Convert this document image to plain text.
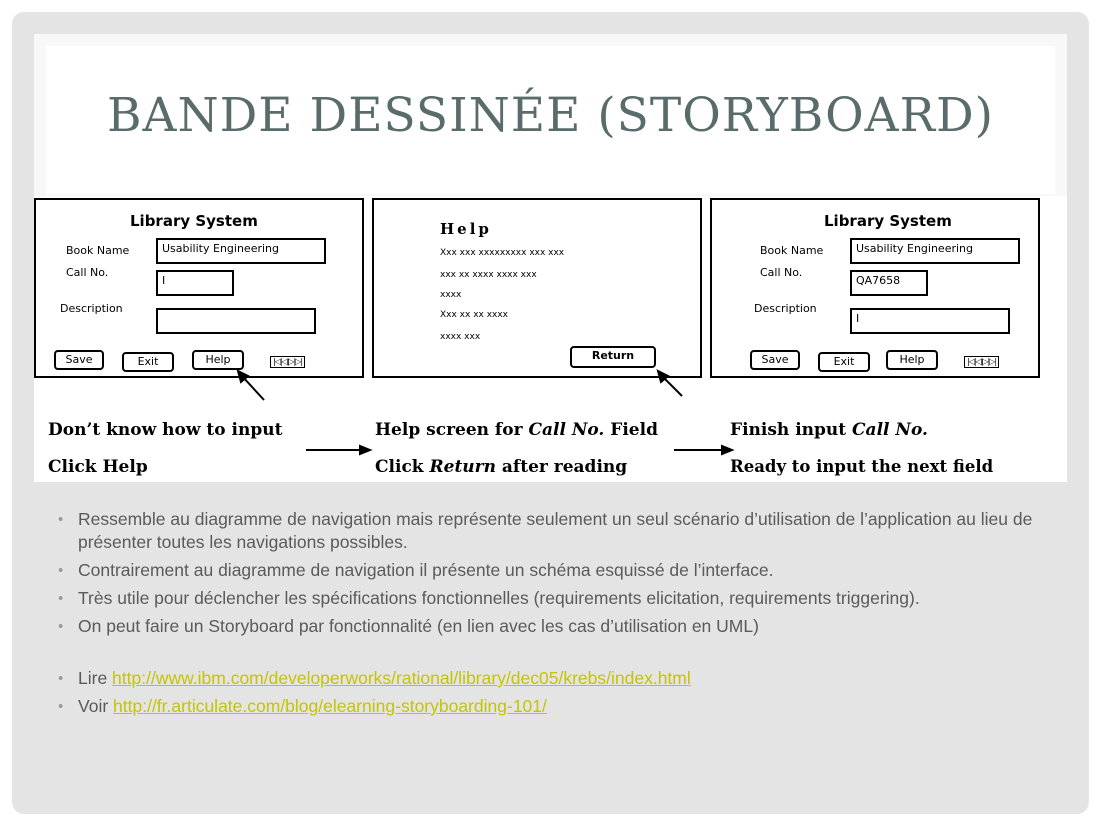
BANDE DESSINÉE (STORYBOARD)
Library System
Book Name	Usability Engineering
Call No.
I
Description
Save	Exit	Help	|◁|◁|▷|▷|
Help
Xxx xxx xxxxxxxxx xxx xxx
xxx xx xxxx xxxx xxx
xxxx
Xxx xx xx xxxx
xxxx xxx
Return
Library System
Book Name	Usability Engineering
Call No.
QA7658
Description
I
Save	Exit	Help	|◁|◁|▷|▷|
Don’t know how to input
Click Help
Help screen for Call No. Field
Click Return after reading
Finish input Call No.
Ready to input the next field
• Ressemble au diagramme de navigation mais représente seulement un seul scénario d’utilisation de l’application au lieu de présenter toutes les navigations possibles.
• Contrairement au diagramme de navigation il présente un schéma esquissé de l’interface.
• Très utile pour déclencher les spécifications fonctionnelles (requirements elicitation, requirements triggering).
• On peut faire un Storyboard par fonctionnalité (en lien avec les cas d’utilisation en UML)
• Lire http://www.ibm.com/developerworks/rational/library/dec05/krebs/index.html
• Voir http://fr.articulate.com/blog/elearning-storyboarding-101/
